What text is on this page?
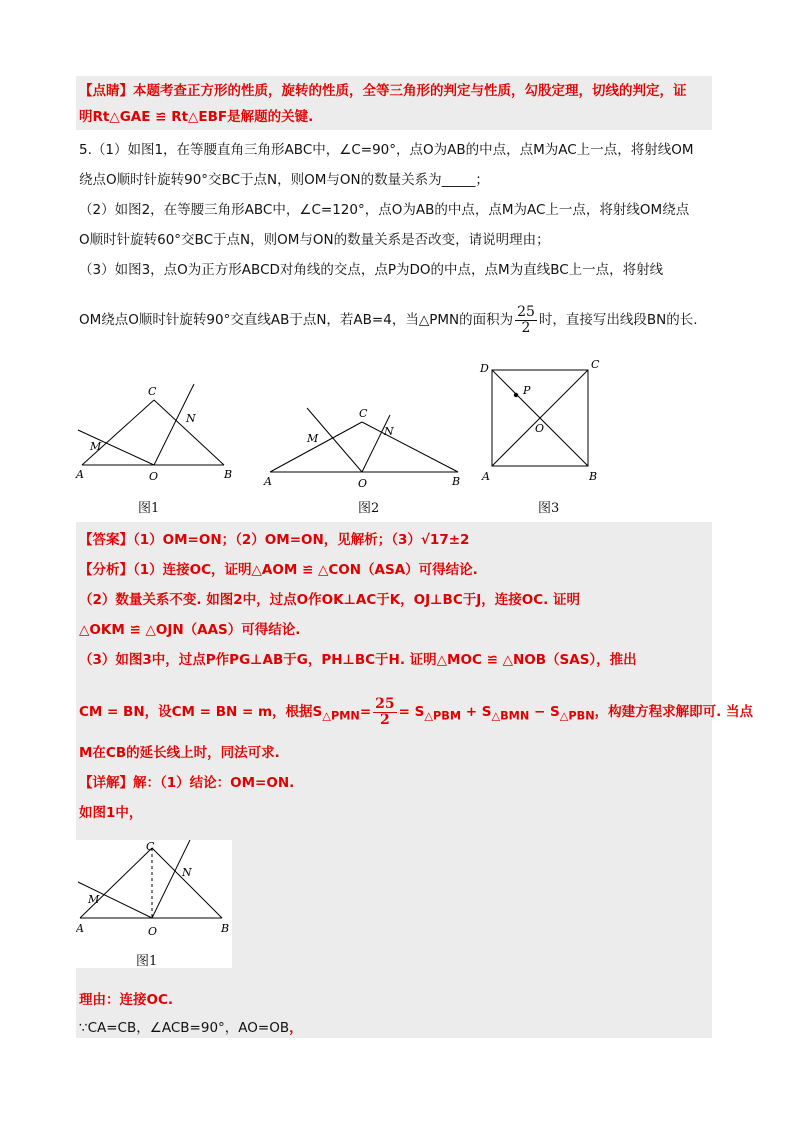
【点睛】本题考查正方形的性质，旋转的性质，全等三角形的判定与性质，勾股定理，切线的判定，证
明Rt△GAE ≌ Rt△EBF是解题的关键.
5.（1）如图1，在等腰直角三角形ABC中，∠C=90°，点O为AB的中点，点M为AC上一点，将射线OM
绕点O顺时针旋转90°交BC于点N，则OM与ON的数量关系为_____；
（2）如图2，在等腰三角形ABC中，∠C=120°，点O为AB的中点，点M为AC上一点，将射线OM绕点
O顺时针旋转60°交BC于点N，则OM与ON的数量关系是否改变，请说明理由；
（3）如图3，点O为正方形ABCD对角线的交点，点P为DO的中点，点M为直线BC上一点，将射线
OM绕点O顺时针旋转90°交直线AB于点N，若AB=4，当△PMN的面积为 $\frac{25}{2}$ 时，直接写出线段BN的长.
A	B
C
M
N
O
图1
A	B
C
M
N
O
图2
D	C
A	B
P
O
图3
【答案】（1）OM=ON；（2）OM=ON，见解析；（3）√17±2
【分析】（1）连接OC，证明△AOM ≌ △CON（ASA）可得结论.
（2）数量关系不变. 如图2中，过点O作OK⊥AC于K，OJ⊥BC于J，连接OC. 证明
△OKM ≌ △OJN（AAS）可得结论.
（3）如图3中，过点P作PG⊥AB于G，PH⊥BC于H. 证明△MOC ≌ △NOB（SAS），推出
CM = BN，设CM = BN = m，根据$S_{\triangle PMN}= \frac{25}{2} = S_{\triangle PBM} + S_{\triangle BMN} - S_{\triangle PBN}$，构建方程求解即可. 当点
M在CB的延长线上时，同法可求.
【详解】解：（1）结论：OM=ON.
如图1中，
A	B
C
M
N
O
图1
理由：连接OC.
∵CA=CB，∠ACB=90°，AO=OB，
